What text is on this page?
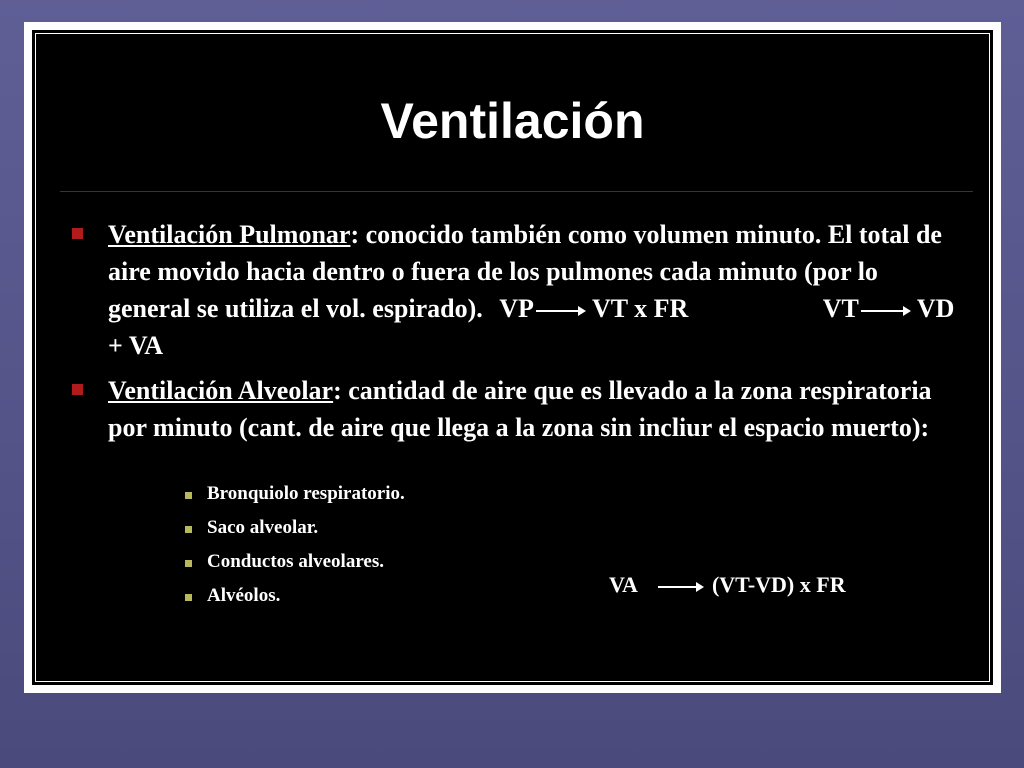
Ventilación
Ventilación Pulmonar: conocido también como volumen minuto. El total de aire movido hacia dentro o fuera de los pulmones cada minuto (por lo general se utiliza el vol. espirado). VP VT x FR	VT VD + VA
Ventilación Alveolar: cantidad de aire que es llevado a la zona respiratoria por minuto (cant. de aire que llega a la zona sin incliur el espacio muerto):
Bronquiolo respiratorio.
Saco alveolar.
Conductos alveolares.
Alvéolos.	VA	(VT-VD) x FR
